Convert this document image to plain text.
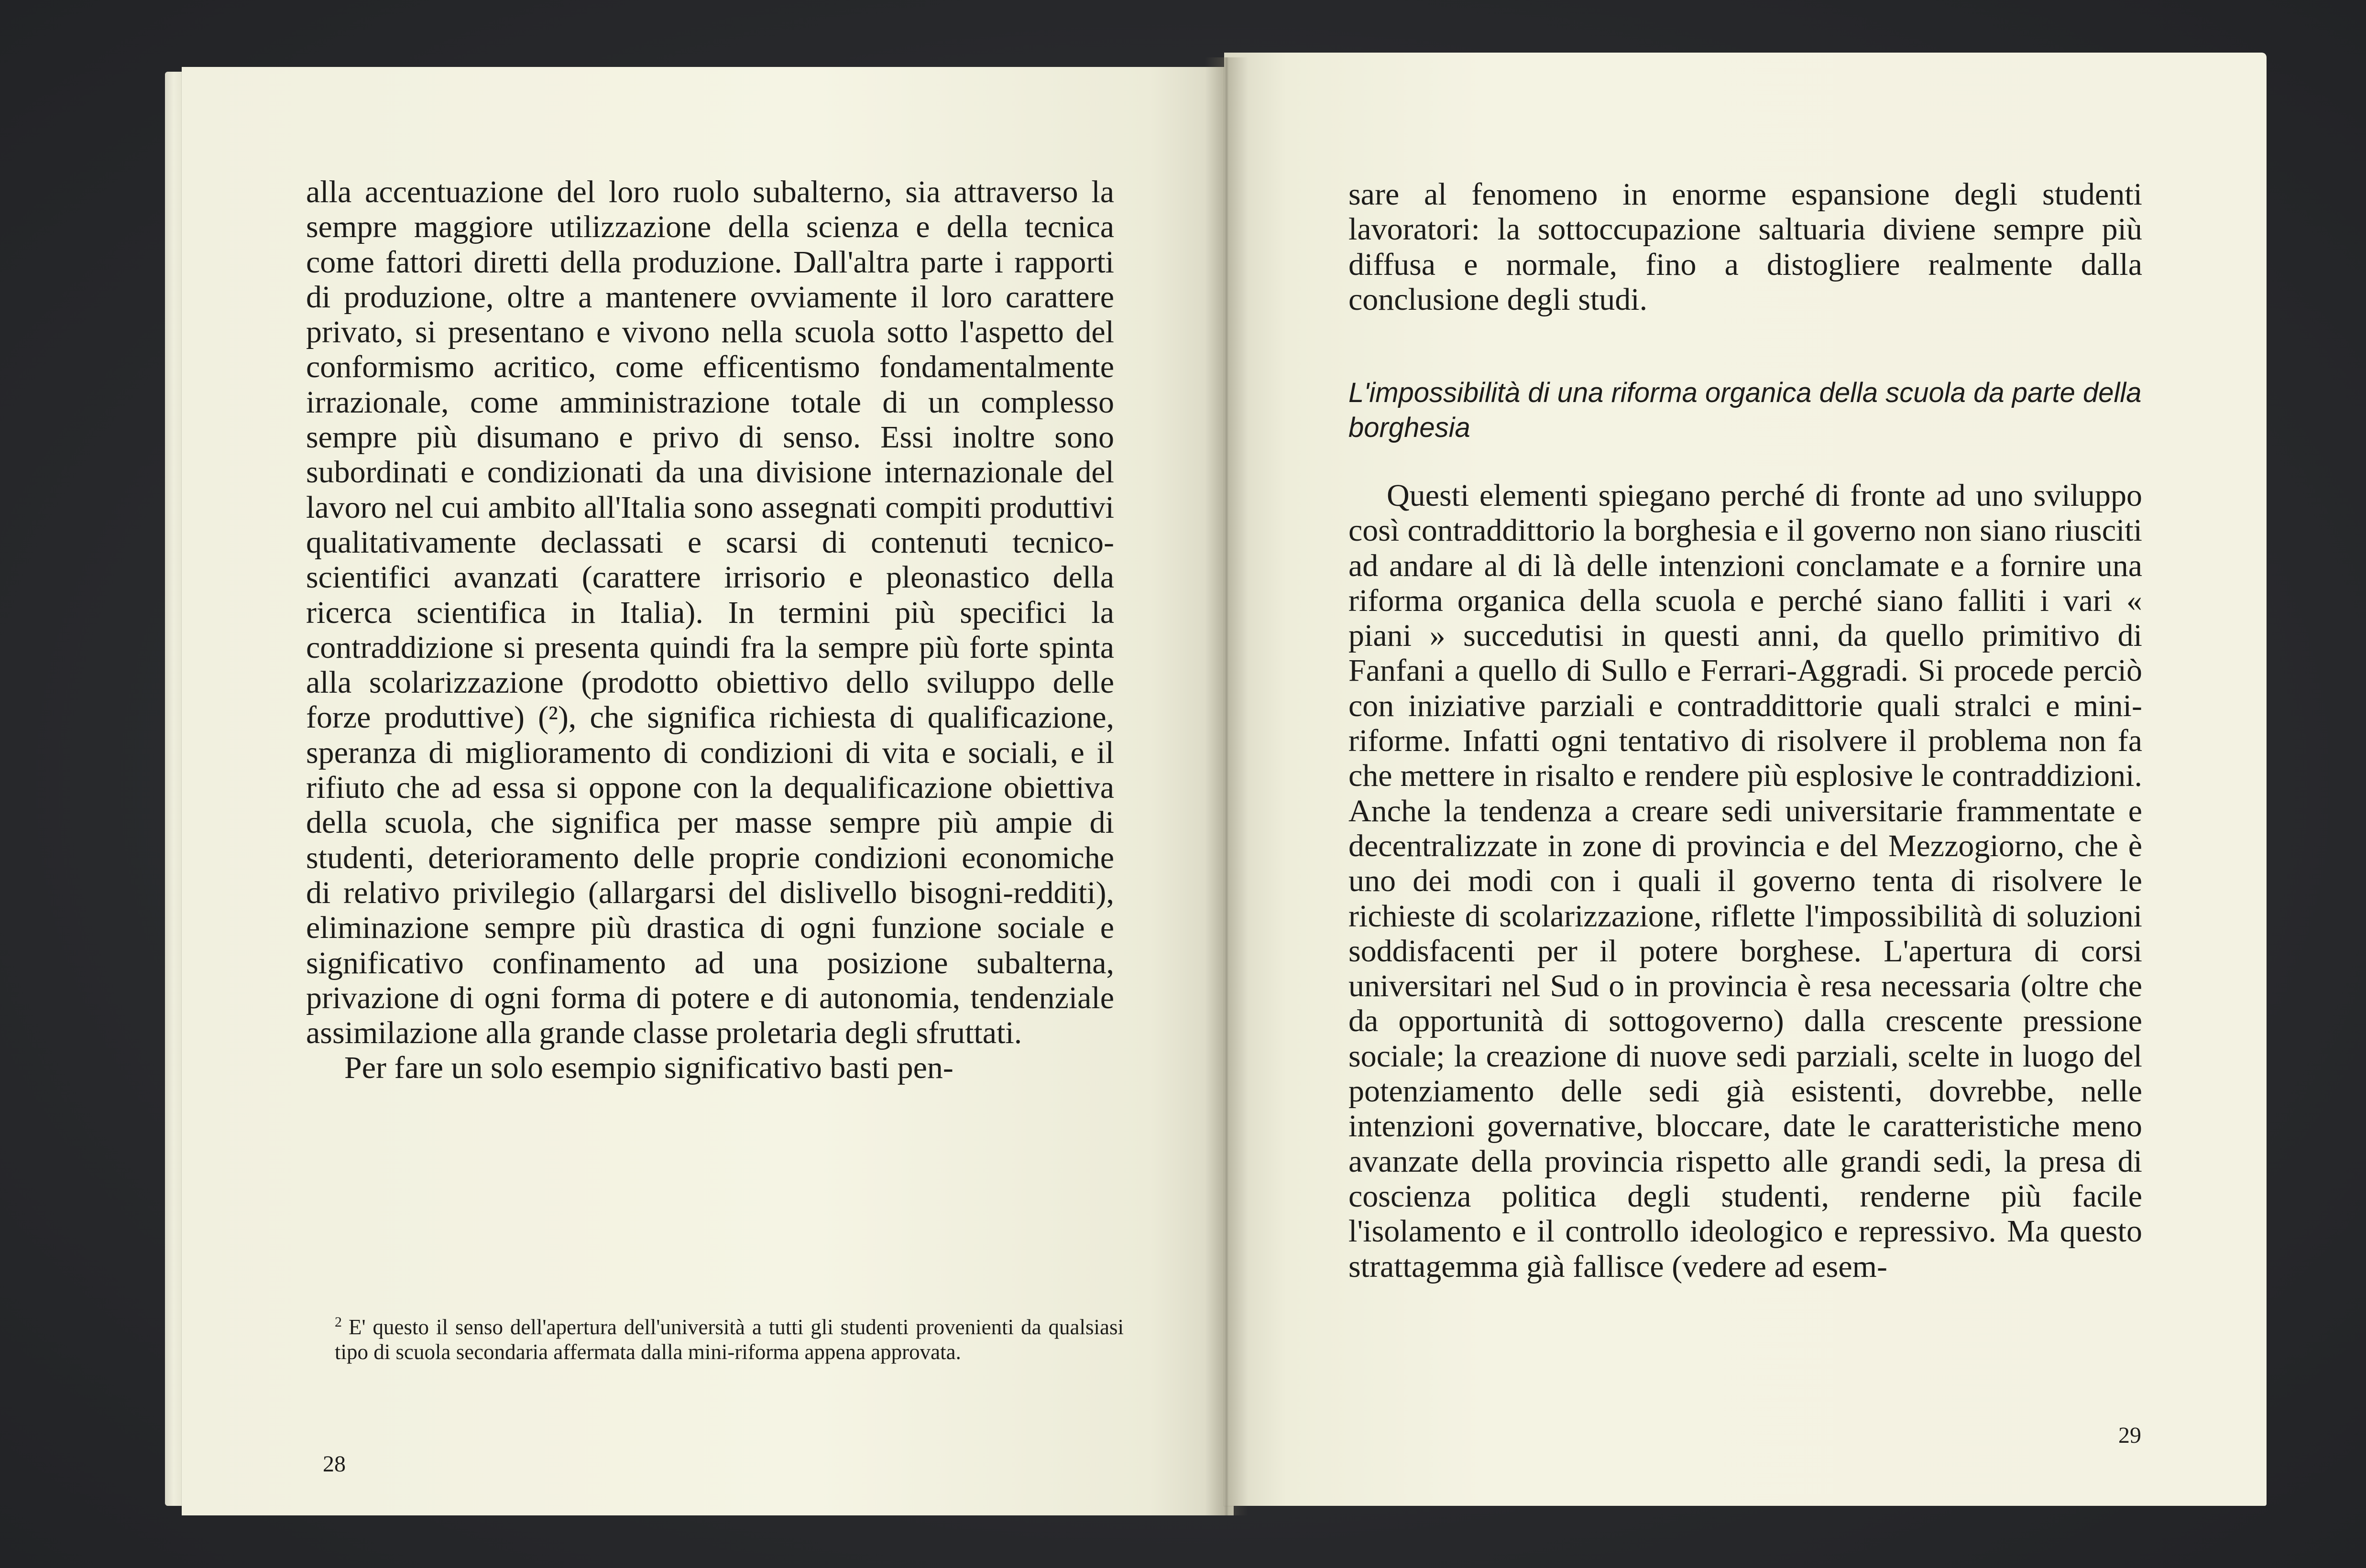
alla accentuazione del loro ruolo subalterno, sia attraverso la sempre maggiore utilizzazione della scienza e della tecnica come fattori diretti della produzione. Dall'altra parte i rapporti di produzione, oltre a mantenere ovviamente il loro carattere privato, si presentano e vivono nella scuola sotto l'aspetto del conformismo acritico, come efficentismo fondamentalmente irrazionale, come amministrazione totale di un complesso sempre più disumano e privo di senso. Essi inoltre sono subordinati e condizionati da una divisione internazionale del lavoro nel cui ambito all'Italia sono assegnati compiti produttivi qualitativamente declassati e scarsi di contenuti tecnico-scientifici avanzati (carattere irrisorio e pleonastico della ricerca scientifica in Italia). In termini più specifici la contraddizione si presenta quindi fra la sempre più forte spinta alla scolarizzazione (prodotto obiettivo dello sviluppo delle forze produttive) (²), che significa richiesta di qualificazione, speranza di miglioramento di condizioni di vita e sociali, e il rifiuto che ad essa si oppone con la dequalificazione obiettiva della scuola, che significa per masse sempre più ampie di studenti, deterioramento delle proprie condizioni economiche di relativo privilegio (allargarsi del dislivello bisogni-redditi), eliminazione sempre più drastica di ogni funzione sociale e significativo confinamento ad una posizione subalterna, privazione di ogni forma di potere e di autonomia, tendenziale assimilazione alla grande classe proletaria degli sfruttati.

Per fare un solo esempio significativo basti pen-

$^2$ E' questo il senso dell'apertura dell'università a tutti gli studenti provenienti da qualsiasi tipo di scuola secondaria affermata dalla mini-riforma appena approvata.
28

sare al fenomeno in enorme espansione degli studenti lavoratori: la sottoccupazione saltuaria diviene sempre più diffusa e normale, fino a distogliere realmente dalla conclusione degli studi.

L'impossibilità di una riforma organica della scuola da parte della borghesia

Questi elementi spiegano perché di fronte ad uno sviluppo così contraddittorio la borghesia e il governo non siano riusciti ad andare al di là delle intenzioni conclamate e a fornire una riforma organica della scuola e perché siano falliti i vari « piani » succedutisi in questi anni, da quello primitivo di Fanfani a quello di Sullo e Ferrari-Aggradi. Si procede perciò con iniziative parziali e contraddittorie quali stralci e mini-riforme. Infatti ogni tentativo di risolvere il problema non fa che mettere in risalto e rendere più esplosive le contraddizioni. Anche la tendenza a creare sedi universitarie frammentate e decentralizzate in zone di provincia e del Mezzogiorno, che è uno dei modi con i quali il governo tenta di risolvere le richieste di scolarizzazione, riflette l'impossibilità di soluzioni soddisfacenti per il potere borghese. L'apertura di corsi universitari nel Sud o in provincia è resa necessaria (oltre che da opportunità di sottogoverno) dalla crescente pressione sociale; la creazione di nuove sedi parziali, scelte in luogo del potenziamento delle sedi già esistenti, dovrebbe, nelle intenzioni governative, bloccare, date le caratteristiche meno avanzate della provincia rispetto alle grandi sedi, la presa di coscienza politica degli studenti, renderne più facile l'isolamento e il controllo ideologico e repressivo. Ma questo strattagemma già fallisce (vedere ad esem-

29
